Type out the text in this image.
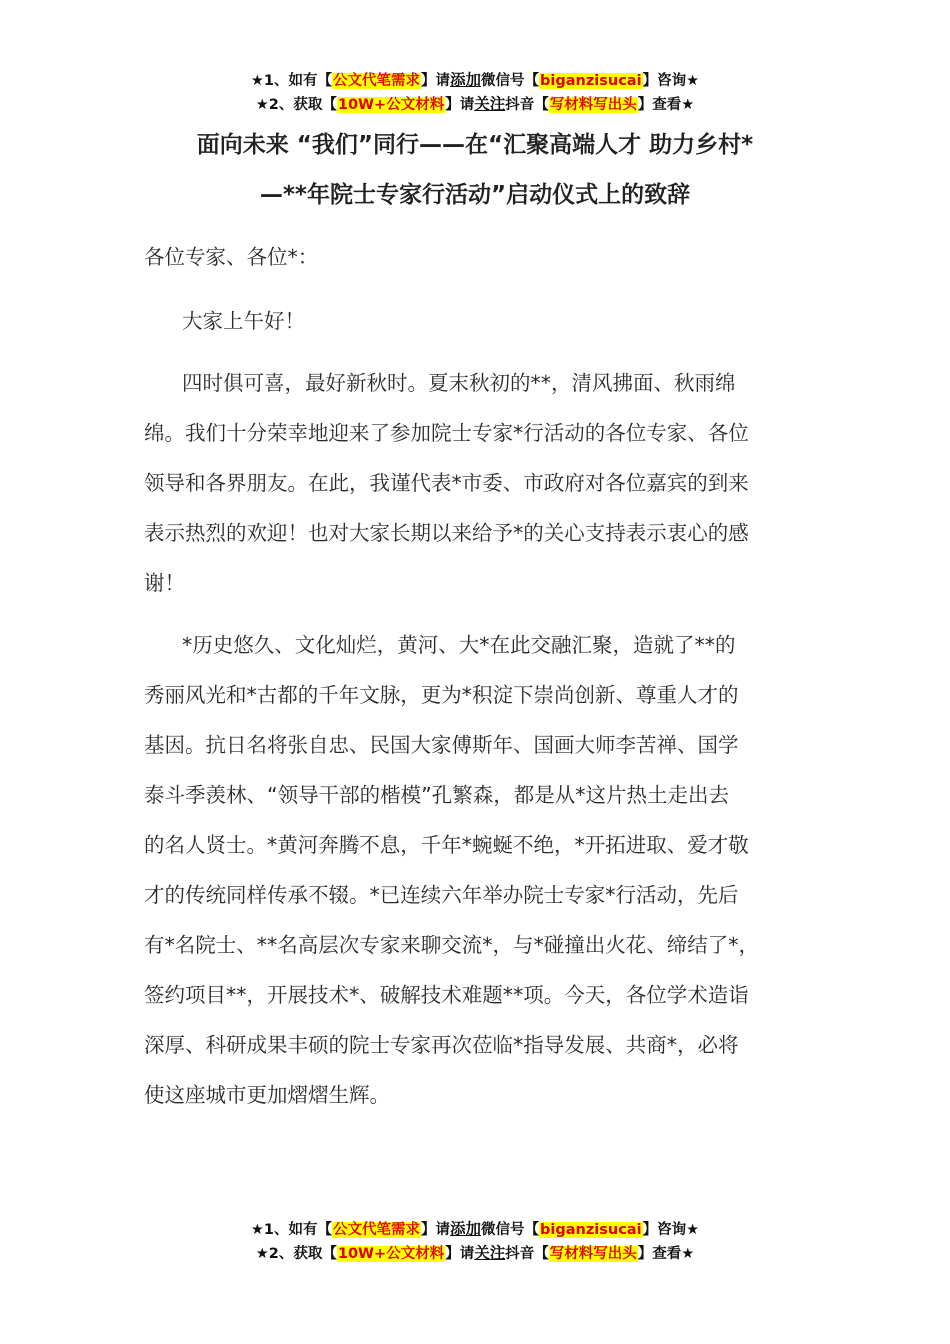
★1、如有【公文代笔需求】请添加微信号【biganzisucai】咨询★
★2、获取【10W+公文材料】请关注抖音【写材料写出头】查看★
面向未来 “我们”同行——在“汇聚高端人才 助力乡村*
—**年院士专家行活动”启动仪式上的致辞
各位专家、各位*：
大家上午好！
四时俱可喜，最好新秋时。夏末秋初的**，清风拂面、秋雨绵
绵。我们十分荣幸地迎来了参加院士专家*行活动的各位专家、各位
领导和各界朋友。在此，我谨代表*市委、市政府对各位嘉宾的到来
表示热烈的欢迎！也对大家长期以来给予*的关心支持表示衷心的感
谢！
*历史悠久、文化灿烂，黄河、大*在此交融汇聚，造就了**的
秀丽风光和*古都的千年文脉，更为*积淀下崇尚创新、尊重人才的
基因。抗日名将张自忠、民国大家傅斯年、国画大师李苦禅、国学
泰斗季羡林、“领导干部的楷模”孔繁森，都是从*这片热土走出去
的名人贤士。*黄河奔腾不息，千年*蜿蜒不绝，*开拓进取、爱才敬
才的传统同样传承不辍。*已连续六年举办院士专家*行活动，先后
有*名院士、**名高层次专家来聊交流*，与*碰撞出火花、缔结了*，
签约项目**，开展技术*、破解技术难题**项。今天，各位学术造诣
深厚、科研成果丰硕的院士专家再次莅临*指导发展、共商*，必将
使这座城市更加熠熠生辉。
★1、如有【公文代笔需求】请添加微信号【biganzisucai】咨询★
★2、获取【10W+公文材料】请关注抖音【写材料写出头】查看★
